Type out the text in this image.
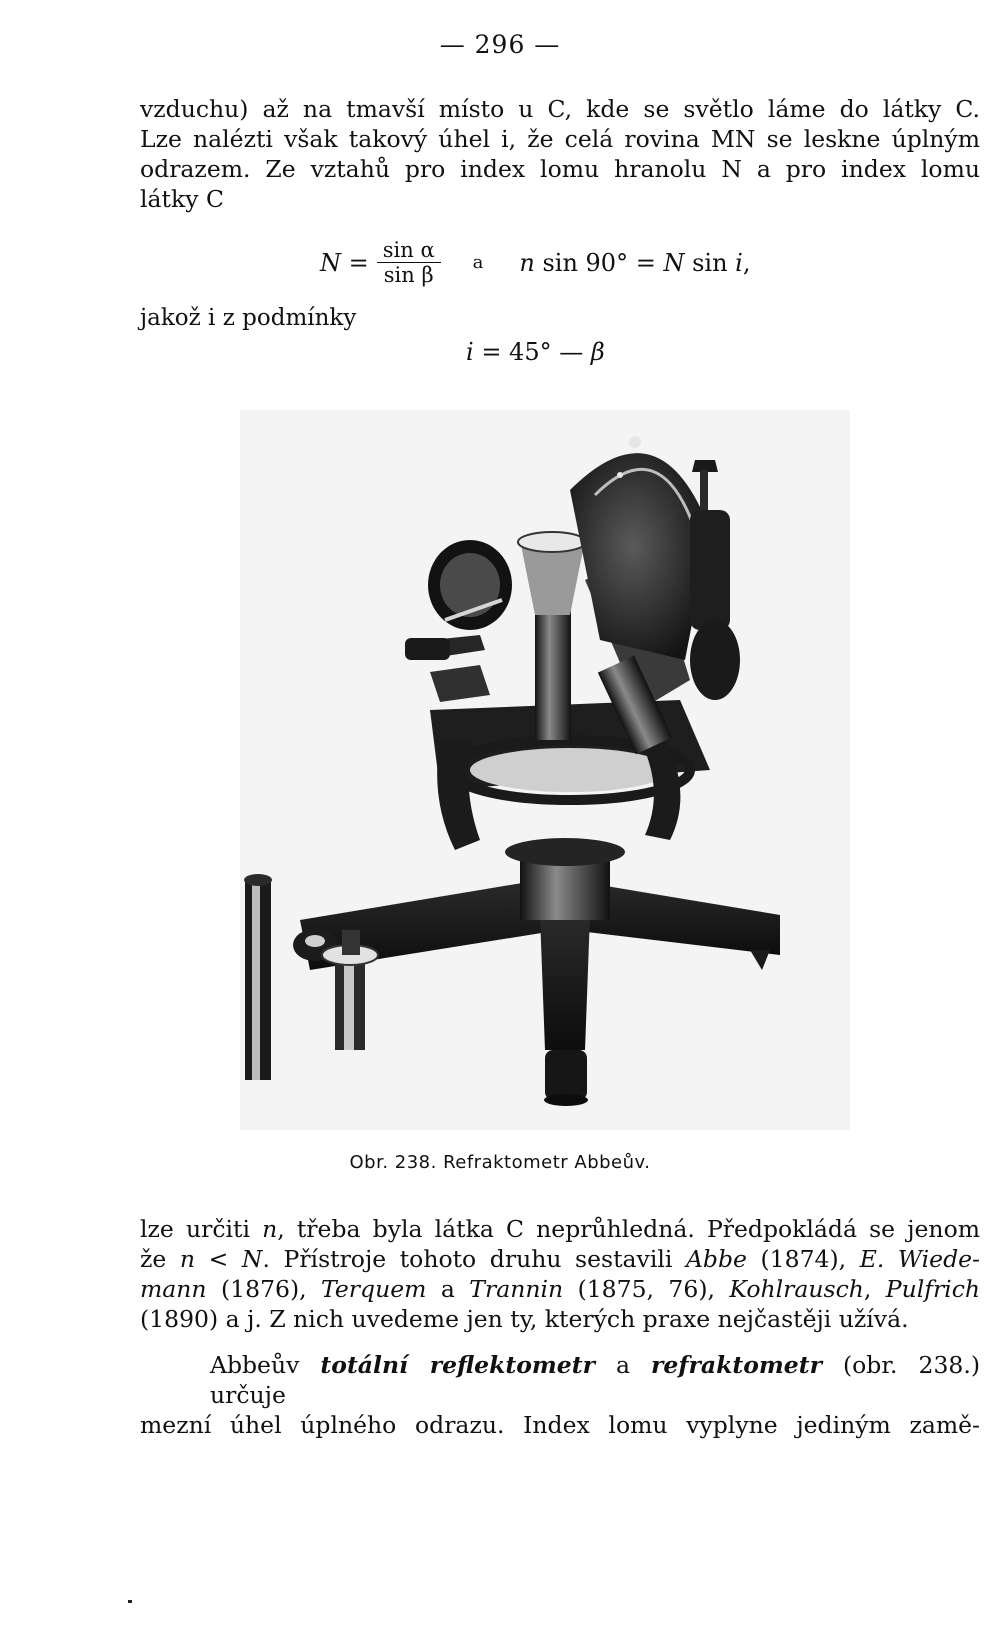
— 296 —
vzduchu) až na tmavší místo u C, kde se světlo láme do látky C.
Lze nalézti však takový úhel i, že celá rovina MN se leskne úplným
odrazem. Ze vztahů pro index lomu hranolu N a pro index lomu
látky C
$N = \frac{\text{sin α}}{\text{sin β}}$ a n sin 90° = N sin i,
jakož i z podmínky
i = 45° — β
Obr. 238. Refraktometr Abbeův.
lze určiti n, třeba byla látka C neprůhledná. Předpokládá se jenom
že n < N. Přístroje tohoto druhu sestavili Abbe (1874), E. Wiede-
mann (1876), Terquem a Trannin (1875, 76), Kohlrausch, Pulfrich
(1890) a j. Z nich uvedeme jen ty, kterých praxe nejčastěji užívá.
Abbeův totální reflektometr a refraktometr (obr. 238.) určuje
mezní úhel úplného odrazu. Index lomu vyplyne jediným zamě-
